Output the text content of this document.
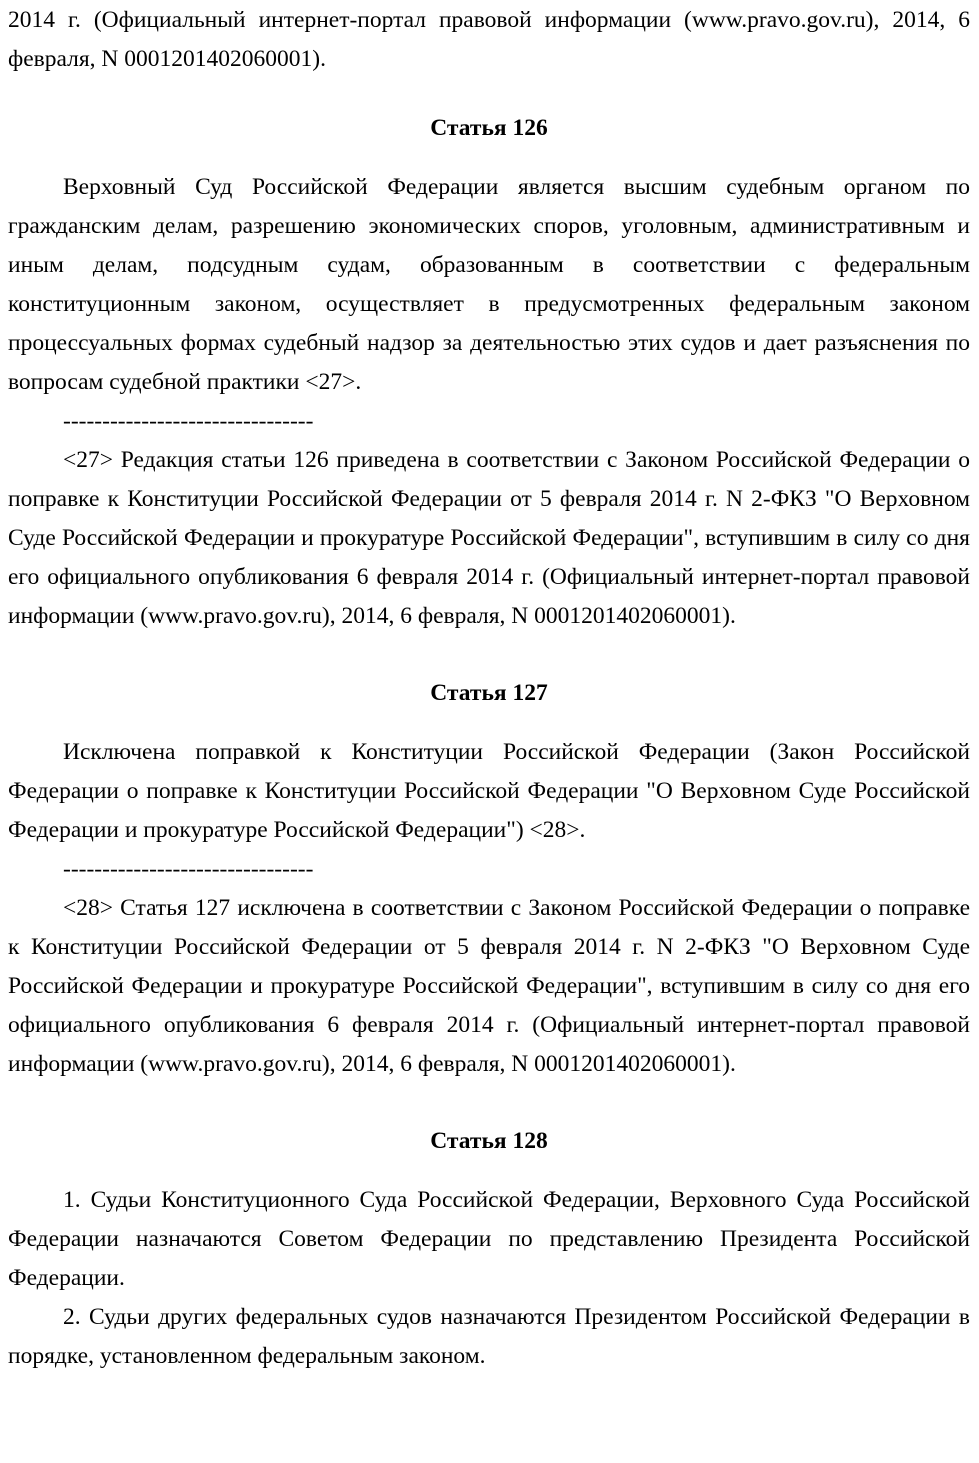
2014 г. (Официальный интернет-портал правовой информации (www.pravo.gov.ru), 2014, 6 февраля, N 0001201402060001).

Статья 126

Верховный Суд Российской Федерации является высшим судебным органом по гражданским делам, разрешению экономических споров, уголовным, административным и иным делам, подсудным судам, образованным в соответствии с федеральным конституционным законом, осуществляет в предусмотренных федеральным законом процессуальных формах судебный надзор за деятельностью этих судов и дает разъяснения по вопросам судебной практики <27>.

--------------------------------

<27> Редакция статьи 126 приведена в соответствии с Законом Российской Федерации о поправке к Конституции Российской Федерации от 5 февраля 2014 г. N 2-ФКЗ "О Верховном Суде Российской Федерации и прокуратуре Российской Федерации", вступившим в силу со дня его официального опубликования 6 февраля 2014 г. (Официальный интернет-портал правовой информации (www.pravo.gov.ru), 2014, 6 февраля, N 0001201402060001).

Статья 127

Исключена поправкой к Конституции Российской Федерации (Закон Российской Федерации о поправке к Конституции Российской Федерации "О Верховном Суде Российской Федерации и прокуратуре Российской Федерации") <28>.

--------------------------------

<28> Статья 127 исключена в соответствии с Законом Российской Федерации о поправке к Конституции Российской Федерации от 5 февраля 2014 г. N 2-ФКЗ "О Верховном Суде Российской Федерации и прокуратуре Российской Федерации", вступившим в силу со дня его официального опубликования 6 февраля 2014 г. (Официальный интернет-портал правовой информации (www.pravo.gov.ru), 2014, 6 февраля, N 0001201402060001).

Статья 128

1. Судьи Конституционного Суда Российской Федерации, Верховного Суда Российской Федерации назначаются Советом Федерации по представлению Президента Российской Федерации.

2. Судьи других федеральных судов назначаются Президентом Российской Федерации в порядке, установленном федеральным законом.
